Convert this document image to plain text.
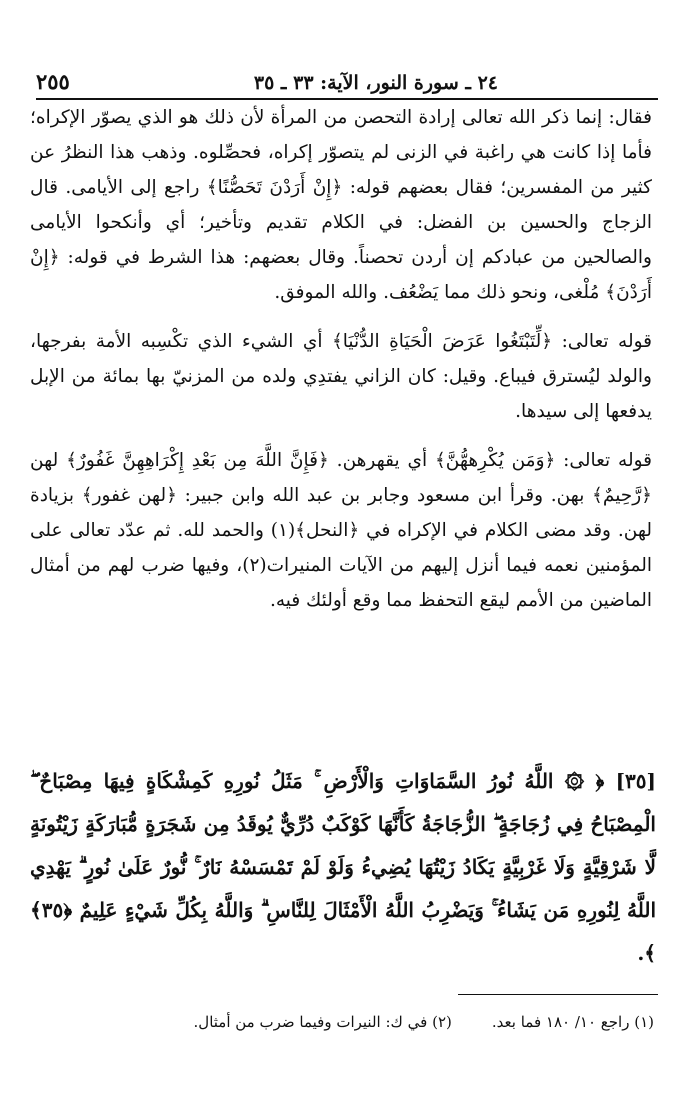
٢٥٥	٢٤ ـ سورة النور، الآية: ٣٣ ـ ٣٥

فقال: إنما ذكر الله تعالى إرادة التحصن من المرأة لأن ذلك هو الذي يصوّر الإكراه؛ فأما إذا كانت هي راغبة في الزنى لم يتصوّر إكراه، فحصِّلوه. وذهب هذا النظرُ عن كثير من المفسرين؛ فقال بعضهم قوله: ﴿إِنْ أَرَدْنَ تَحَصُّنًا﴾ راجع إلى الأيامى. قال الزجاج والحسين بن الفضل: في الكلام تقديم وتأخير؛ أي وأنكحوا الأيامى والصالحين من عبادكم إن أردن تحصناً. وقال بعضهم: هذا الشرط في قوله: ﴿إِنْ أَرَدْنَ﴾ مُلْغى، ونحو ذلك مما يَضْعُف. والله الموفق.

قوله تعالى: ﴿لِّتَبْتَغُوا عَرَضَ الْحَيَاةِ الدُّنْيَا﴾ أي الشيء الذي تكْسِبه الأمة بفرجها، والولد ليُسترق فيباع. وقيل: كان الزاني يفتدِي ولده من المزنيّ بها بمائة من الإبل يدفعها إلى سيدها.

قوله تعالى: ﴿وَمَن يُكْرِههُّنَّ﴾ أي يقهرهن. ﴿فَإِنَّ اللَّهَ مِن بَعْدِ إِكْرَاهِهِنَّ غَفُورٌ﴾ لهن ﴿رَّحِيمٌ﴾ بهن. وقرأ ابن مسعود وجابر بن عبد الله وابن جبير: ﴿لهن غفور﴾ بزيادة لهن. وقد مضى الكلام في الإكراه في ﴿النحل﴾(١) والحمد لله. ثم عدّد تعالى على المؤمنين نعمه فيما أنزل إليهم من الآيات المنيرات(٢)، وفيها ضرب لهم من أمثال الماضين من الأمم ليقع التحفظ مما وقع أولئك فيه.

[٣٥] ﴿ ۞ اللَّهُ نُورُ السَّمَاوَاتِ وَالْأَرْضِ ۚ مَثَلُ نُورِهِ كَمِشْكَاةٍ فِيهَا مِصْبَاحٌ ۖ الْمِصْبَاحُ فِي زُجَاجَةٍ ۖ الزُّجَاجَةُ كَأَنَّهَا كَوْكَبٌ دُرِّيٌّ يُوقَدُ مِن شَجَرَةٍ مُّبَارَكَةٍ زَيْتُونَةٍ لَّا شَرْقِيَّةٍ وَلَا غَرْبِيَّةٍ يَكَادُ زَيْتُهَا يُضِيءُ وَلَوْ لَمْ تَمْسَسْهُ نَارٌ ۚ نُّورٌ عَلَىٰ نُورٍ ۗ يَهْدِي اللَّهُ لِنُورِهِ مَن يَشَاءُ ۚ وَيَضْرِبُ اللَّهُ الْأَمْثَالَ لِلنَّاسِ ۗ وَاللَّهُ بِكُلِّ شَيْءٍ عَلِيمٌ ﴿٣٥﴾ ﴾.
(١) راجع ١٠/ ١٨٠ فما بعد.
(٢) في ك: النيرات وفيما ضرب من أمثال.
